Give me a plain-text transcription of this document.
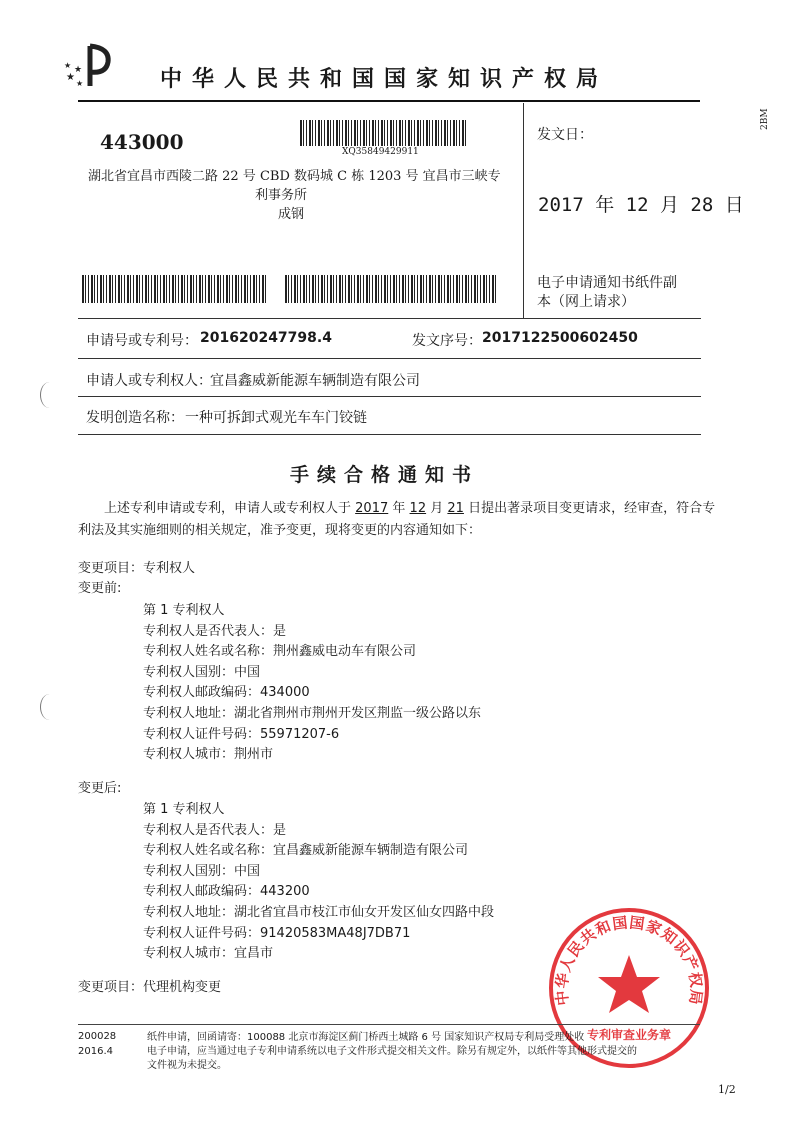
★
★
★
★	中华人民共和国国家知识产权局
443000	XQ35849429911
湖北省宜昌市西陵二路 22 号 CBD 数码城 C 栋 1203 号 宜昌市三峡专
利事务所
成钢
发文日：
2017 年 12 月 28 日
2BM
电子申请通知书纸件副
本（网上请求）
申请号或专利号： 201620247798.4	发文序号： 2017122500602450
申请人或专利权人：
宜昌鑫威新能源车辆制造有限公司
发明创造名称： 一种可拆卸式观光车车门铰链
手续合格通知书
上述专利申请或专利，申请人或专利权人于 2017 年 12 月 21 日提出著录项目变更请求，经审查，符合专
利法及其实施细则的相关规定，准予变更，现将变更的内容通知如下：
变更项目：专利权人
变更前:
第 1 专利权人
专利权人是否代表人：是
专利权人姓名或名称：荆州鑫威电动车有限公司
专利权人国别：中国
专利权人邮政编码：434000
专利权人地址：湖北省荆州市荆州开发区荆监一级公路以东
专利权人证件号码：55971207-6
专利权人城市：荆州市
变更后:
第 1 专利权人
专利权人是否代表人：是
专利权人姓名或名称：宜昌鑫威新能源车辆制造有限公司
专利权人国别：中国
专利权人邮政编码：443200
专利权人地址：湖北省宜昌市枝江市仙女开发区仙女四路中段
专利权人证件号码：91420583MA48J7DB71
专利权人城市：宜昌市
变更项目：代理机构变更
中华人民共和国国家知识产权局
专利审查业务章
200028
2016.4
纸件申请，回函请寄：100088 北京市海淀区蓟门桥西土城路 6 号 国家知识产权局专利局受理处收
电子申请，应当通过电子专利申请系统以电子文件形式提交相关文件。除另有规定外，以纸件等其他形式提交的
文件视为未提交。
1/2
